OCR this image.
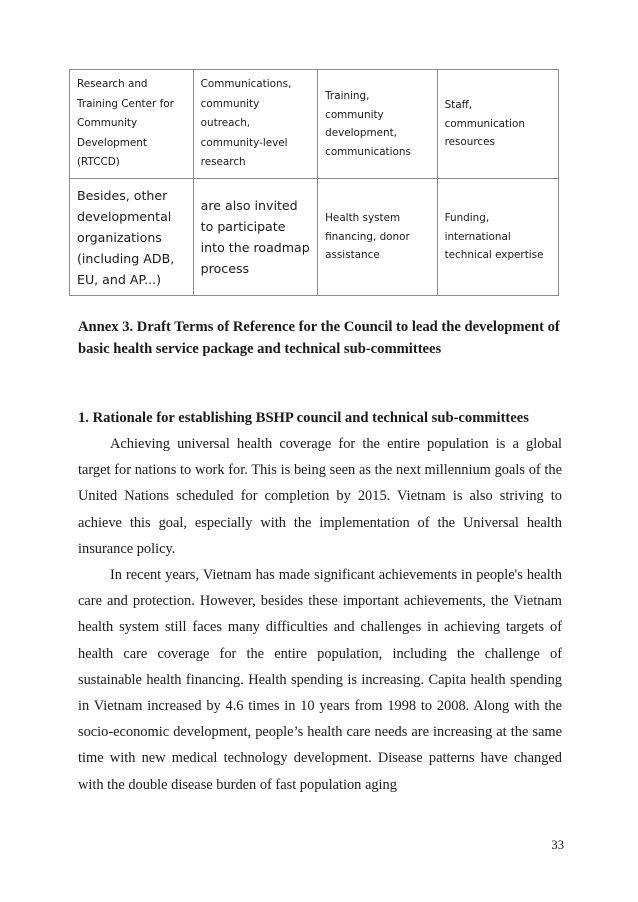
Research and Training Center for Community Development (RTCCD)	Communications, community outreach, community-level research	Training, community development, communications	Staff, communication resources
Besides, other developmental organizations (including ADB, EU, and AP...)	are also invited to participate into the roadmap process	Health system financing, donor assistance	Funding, international technical expertise
Annex 3. Draft Terms of Reference for the Council to lead the development of basic health service package and technical sub-committees
1. Rationale for establishing BSHP council and technical sub-committees

Achieving universal health coverage for the entire population is a global target for nations to work for. This is being seen as the next millennium goals of the United Nations scheduled for completion by 2015. Vietnam is also striving to achieve this goal, especially with the implementation of the Universal health insurance policy.

In recent years, Vietnam has made significant achievements in people's health care and protection. However, besides these important achievements, the Vietnam health system still faces many difficulties and challenges in achieving targets of health care coverage for the entire population, including the challenge of sustainable health financing. Health spending is increasing. Capita health spending in Vietnam increased by 4.6 times in 10 years from 1998 to 2008. Along with the socio-economic development, people’s health care needs are increasing at the same time with new medical technology development. Disease patterns have changed with the double disease burden of fast population aging

33
